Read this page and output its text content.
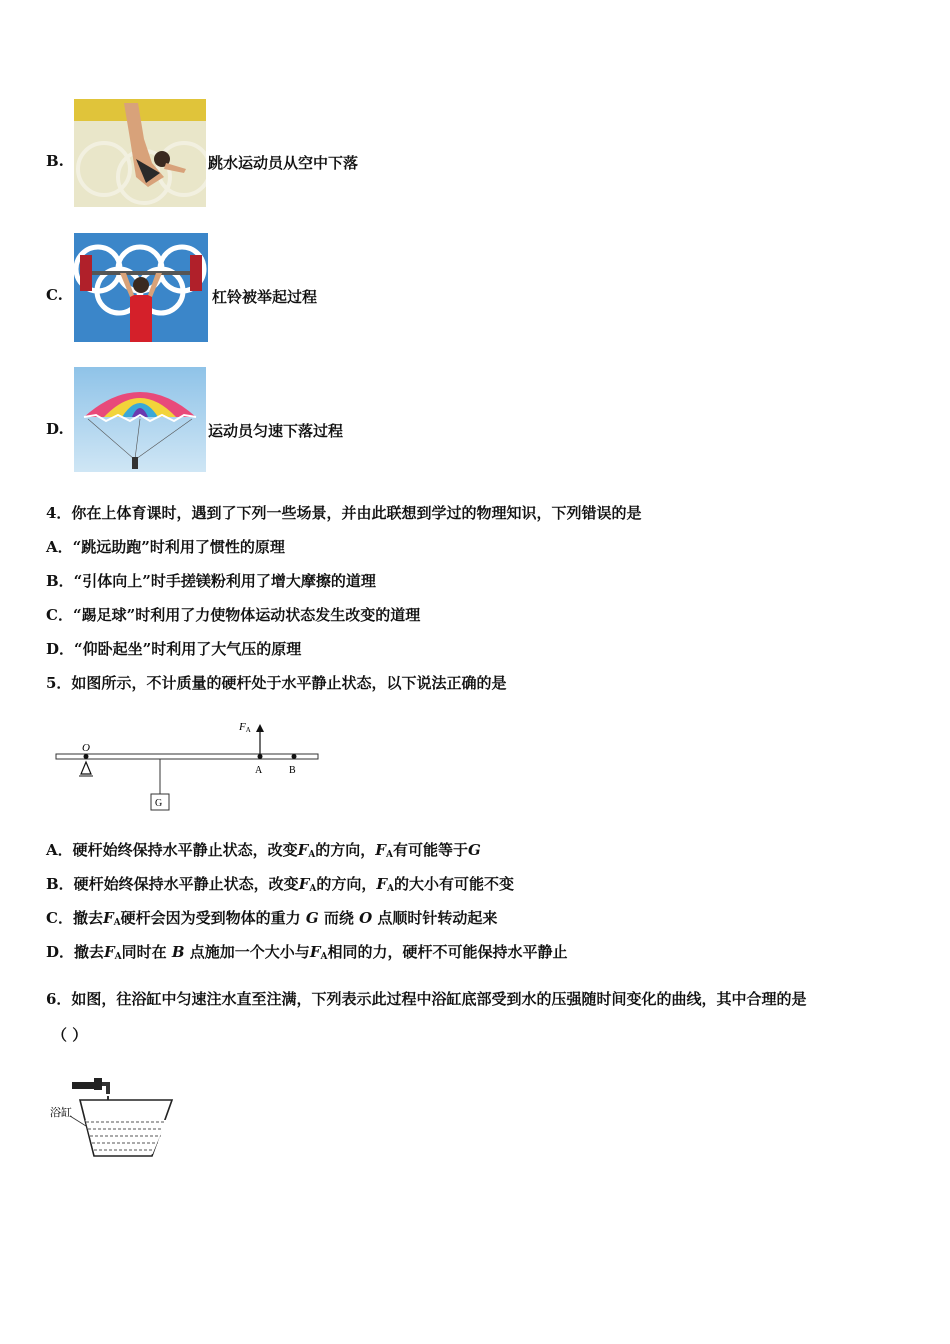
B.	跳水运动员从空中下落
C.	杠铃被举起过程
D.	运动员匀速下落过程
4．你在上体育课时，遇到了下列一些场景，并由此联想到学过的物理知识，下列错误的是
A．“跳远助跑”时利用了惯性的原理
B．“引体向上”时手搓镁粉利用了增大摩擦的道理
C．“踢足球”时利用了力使物体运动状态发生改变的道理
D．“仰卧起坐”时利用了大气压的原理
5．如图所示，不计质量的硬杆处于水平静止状态，以下说法正确的是
O
G
FA
A	B
A．硬杆始终保持水平静止状态，改变$F_A$的方向，$F_A$有可能等于G
B．硬杆始终保持水平静止状态，改变$F_A$的方向，$F_A$的大小有可能不变
C．撤去$F_A$硬杆会因为受到物体的重力 G 而绕 O 点顺时针转动起来
D．撤去$F_A$同时在 B 点施加一个大小与$F_A$相同的力，硬杆不可能保持水平静止
6．如图，往浴缸中匀速注水直至注满，下列表示此过程中浴缸底部受到水的压强随时间变化的曲线，其中合理的是
（ ）
浴缸
